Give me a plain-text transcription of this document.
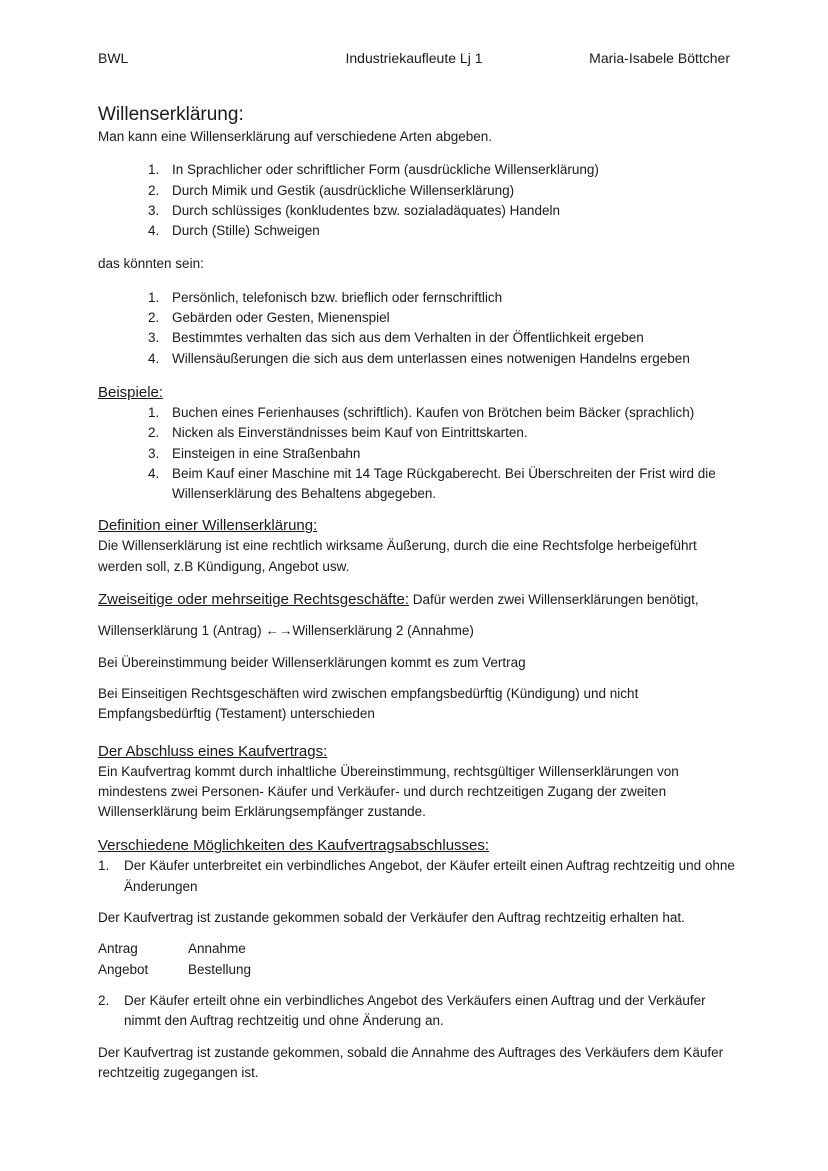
BWL	Industriekaufleute Lj 1	Maria-Isabele Böttcher
Willenserklärung:

Man kann eine Willenserklärung auf verschiedene Arten abgeben.

1. In Sprachlicher oder schriftlicher Form (ausdrückliche Willenserklärung)
2. Durch Mimik und Gestik (ausdrückliche Willenserklärung)
3. Durch schlüssiges (konkludentes bzw. sozialadäquates) Handeln
4. Durch (Stille) Schweigen

das könnten sein:

1. Persönlich, telefonisch bzw. brieflich oder fernschriftlich
2. Gebärden oder Gesten, Mienenspiel
3. Bestimmtes verhalten das sich aus dem Verhalten in der Öffentlichkeit ergeben
4. Willensäußerungen die sich aus dem unterlassen eines notwenigen Handelns ergeben

Beispiele:

1. Buchen eines Ferienhauses (schriftlich). Kaufen von Brötchen beim Bäcker (sprachlich)
2. Nicken als Einverständnisses beim Kauf von Eintrittskarten.
3. Einsteigen in eine Straßenbahn
4. Beim Kauf einer Maschine mit 14 Tage Rückgaberecht. Bei Überschreiten der Frist wird die Willenserklärung des Behaltens abgegeben.

Definition einer Willenserklärung:

Die Willenserklärung ist eine rechtlich wirksame Äußerung, durch die eine Rechtsfolge herbeigeführt werden soll, z.B Kündigung, Angebot usw.

Zweiseitige oder mehrseitige Rechtsgeschäfte: Dafür werden zwei Willenserklärungen benötigt,

Willenserklärung 1 (Antrag) ←→Willenserklärung 2 (Annahme)

Bei Übereinstimmung beider Willenserklärungen kommt es zum Vertrag

Bei Einseitigen Rechtsgeschäften wird zwischen empfangsbedürftig (Kündigung) und nicht Empfangsbedürftig (Testament) unterschieden

Der Abschluss eines Kaufvertrags:

Ein Kaufvertrag kommt durch inhaltliche Übereinstimmung, rechtsgültiger Willenserklärungen von mindestens zwei Personen- Käufer und Verkäufer- und durch rechtzeitigen Zugang der zweiten Willenserklärung beim Erklärungsempfänger zustande.

Verschiedene Möglichkeiten des Kaufvertragsabschlusses:

1. Der Käufer unterbreitet ein verbindliches Angebot, der Käufer erteilt einen Auftrag rechtzeitig und ohne Änderungen

Der Kaufvertrag ist zustande gekommen sobald der Verkäufer den Auftrag rechtzeitig erhalten hat.

Antrag	Annahme
Angebot	Bestellung
2. Der Käufer erteilt ohne ein verbindliches Angebot des Verkäufers einen Auftrag und der Verkäufer nimmt den Auftrag rechtzeitig und ohne Änderung an.

Der Kaufvertrag ist zustande gekommen, sobald die Annahme des Auftrages des Verkäufers dem Käufer rechtzeitig zugegangen ist.
